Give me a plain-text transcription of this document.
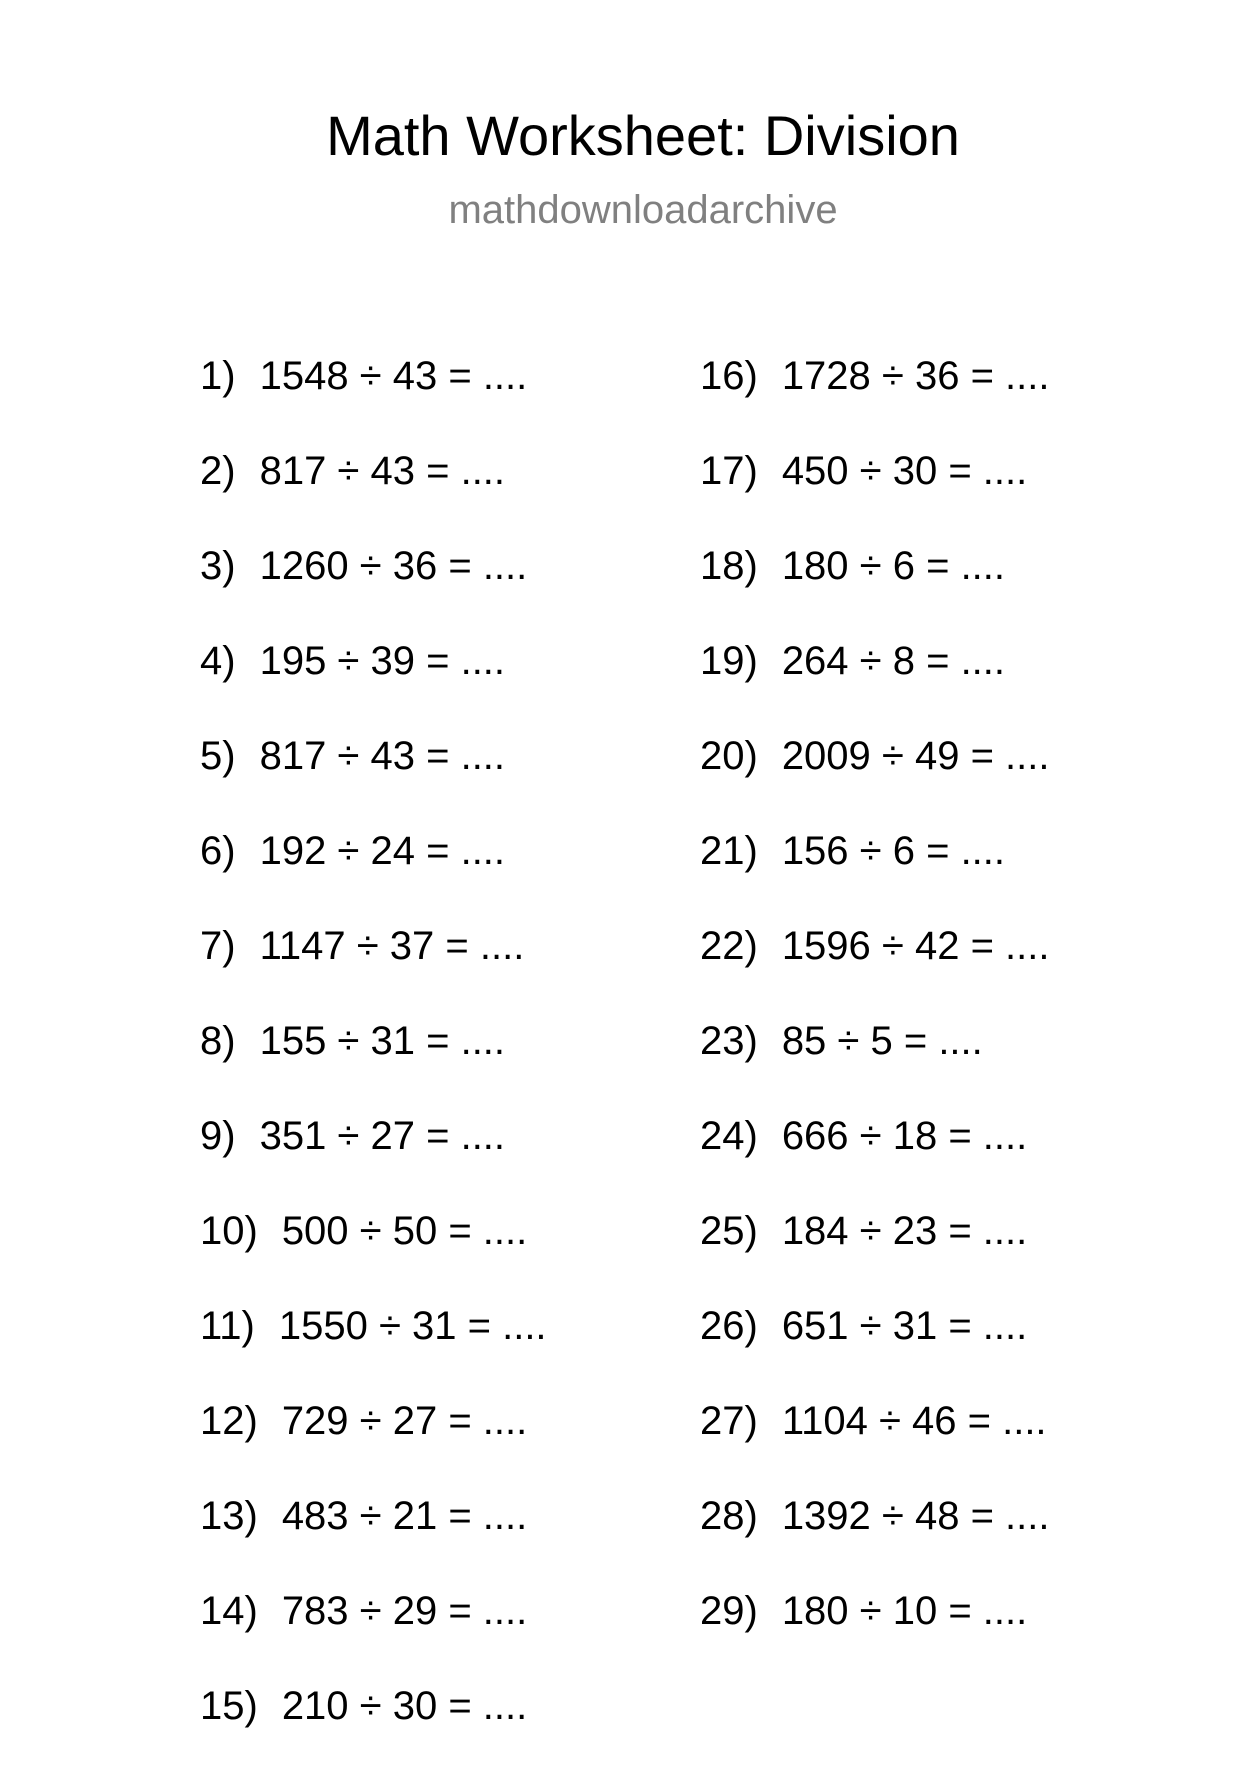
Math Worksheet: Division
mathdownloadarchive
1) 1548 ÷ 43 = ....
2) 817 ÷ 43 = ....
3) 1260 ÷ 36 = ....
4) 195 ÷ 39 = ....
5) 817 ÷ 43 = ....
6) 192 ÷ 24 = ....
7) 1147 ÷ 37 = ....
8) 155 ÷ 31 = ....
9) 351 ÷ 27 = ....
10) 500 ÷ 50 = ....
11) 1550 ÷ 31 = ....
12) 729 ÷ 27 = ....
13) 483 ÷ 21 = ....
14) 783 ÷ 29 = ....
15) 210 ÷ 30 = ....
16) 1728 ÷ 36 = ....
17) 450 ÷ 30 = ....
18) 180 ÷ 6 = ....
19) 264 ÷ 8 = ....
20) 2009 ÷ 49 = ....
21) 156 ÷ 6 = ....
22) 1596 ÷ 42 = ....
23) 85 ÷ 5 = ....
24) 666 ÷ 18 = ....
25) 184 ÷ 23 = ....
26) 651 ÷ 31 = ....
27) 1104 ÷ 46 = ....
28) 1392 ÷ 48 = ....
29) 180 ÷ 10 = ....
